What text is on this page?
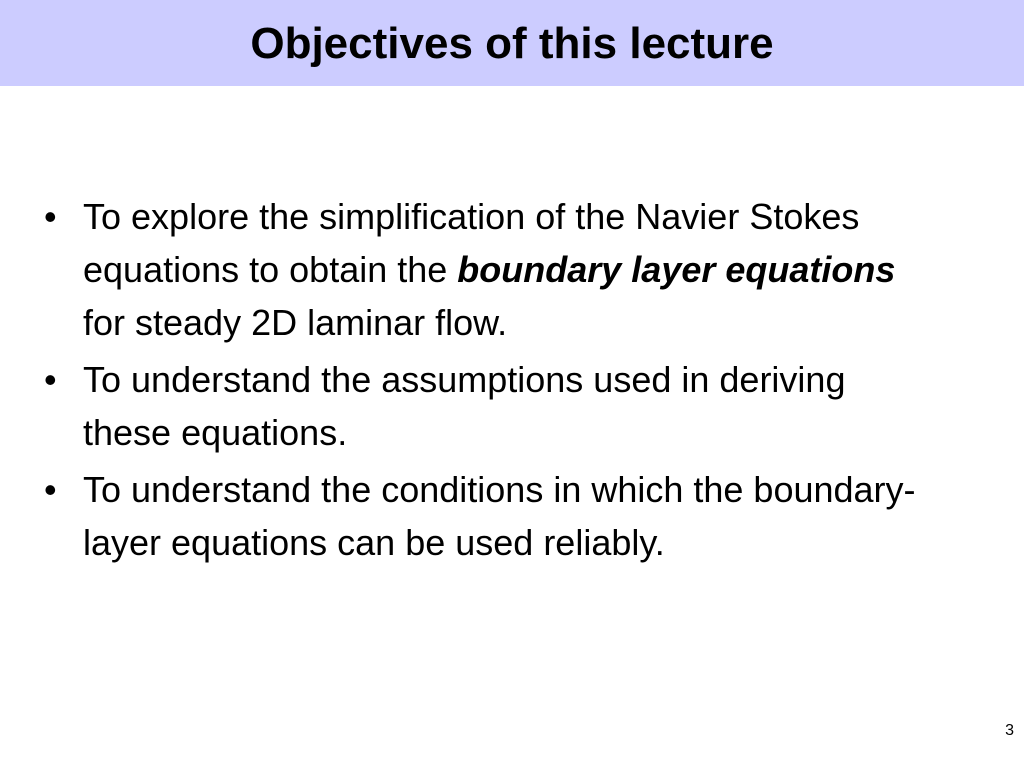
Objectives of this lecture
• To explore the simplification of the Navier Stokes equations to obtain the boundary layer equations for steady 2D laminar flow.
• To understand the assumptions used in deriving these equations.
• To understand the conditions in which the boundary-layer equations can be used reliably.
3
